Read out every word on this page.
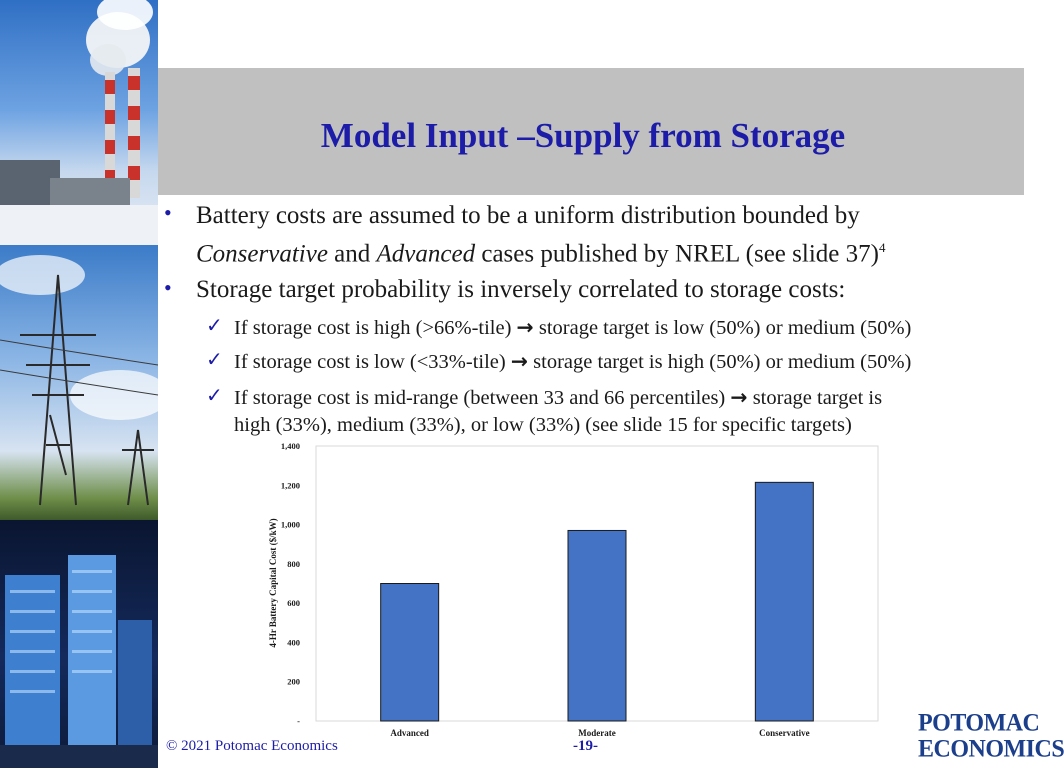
Model Input –Supply from Storage
• Battery costs are assumed to be a uniform distribution bounded by
Conservative and Advanced cases published by NREL (see slide 37)$^4$
• Storage target probability is inversely correlated to storage costs:
✓ If storage cost is high (>66%-tile) → storage target is low (50%) or medium (50%)
✓ If storage cost is low (<33%-tile) → storage target is high (50%) or medium (50%)
✓ If storage cost is mid-range (between 33 and 66 percentiles) → storage target is
high (33%), medium (33%), or low (33%) (see slide 15 for specific targets)
-
200
400
600
800
1,000
1,200
1,400
Advanced	Moderate	Conservative
4-Hr Battery Capital Cost ($/kW)
© 2021 Potomac Economics	-19-
POTOMAC
ECONOMICS
